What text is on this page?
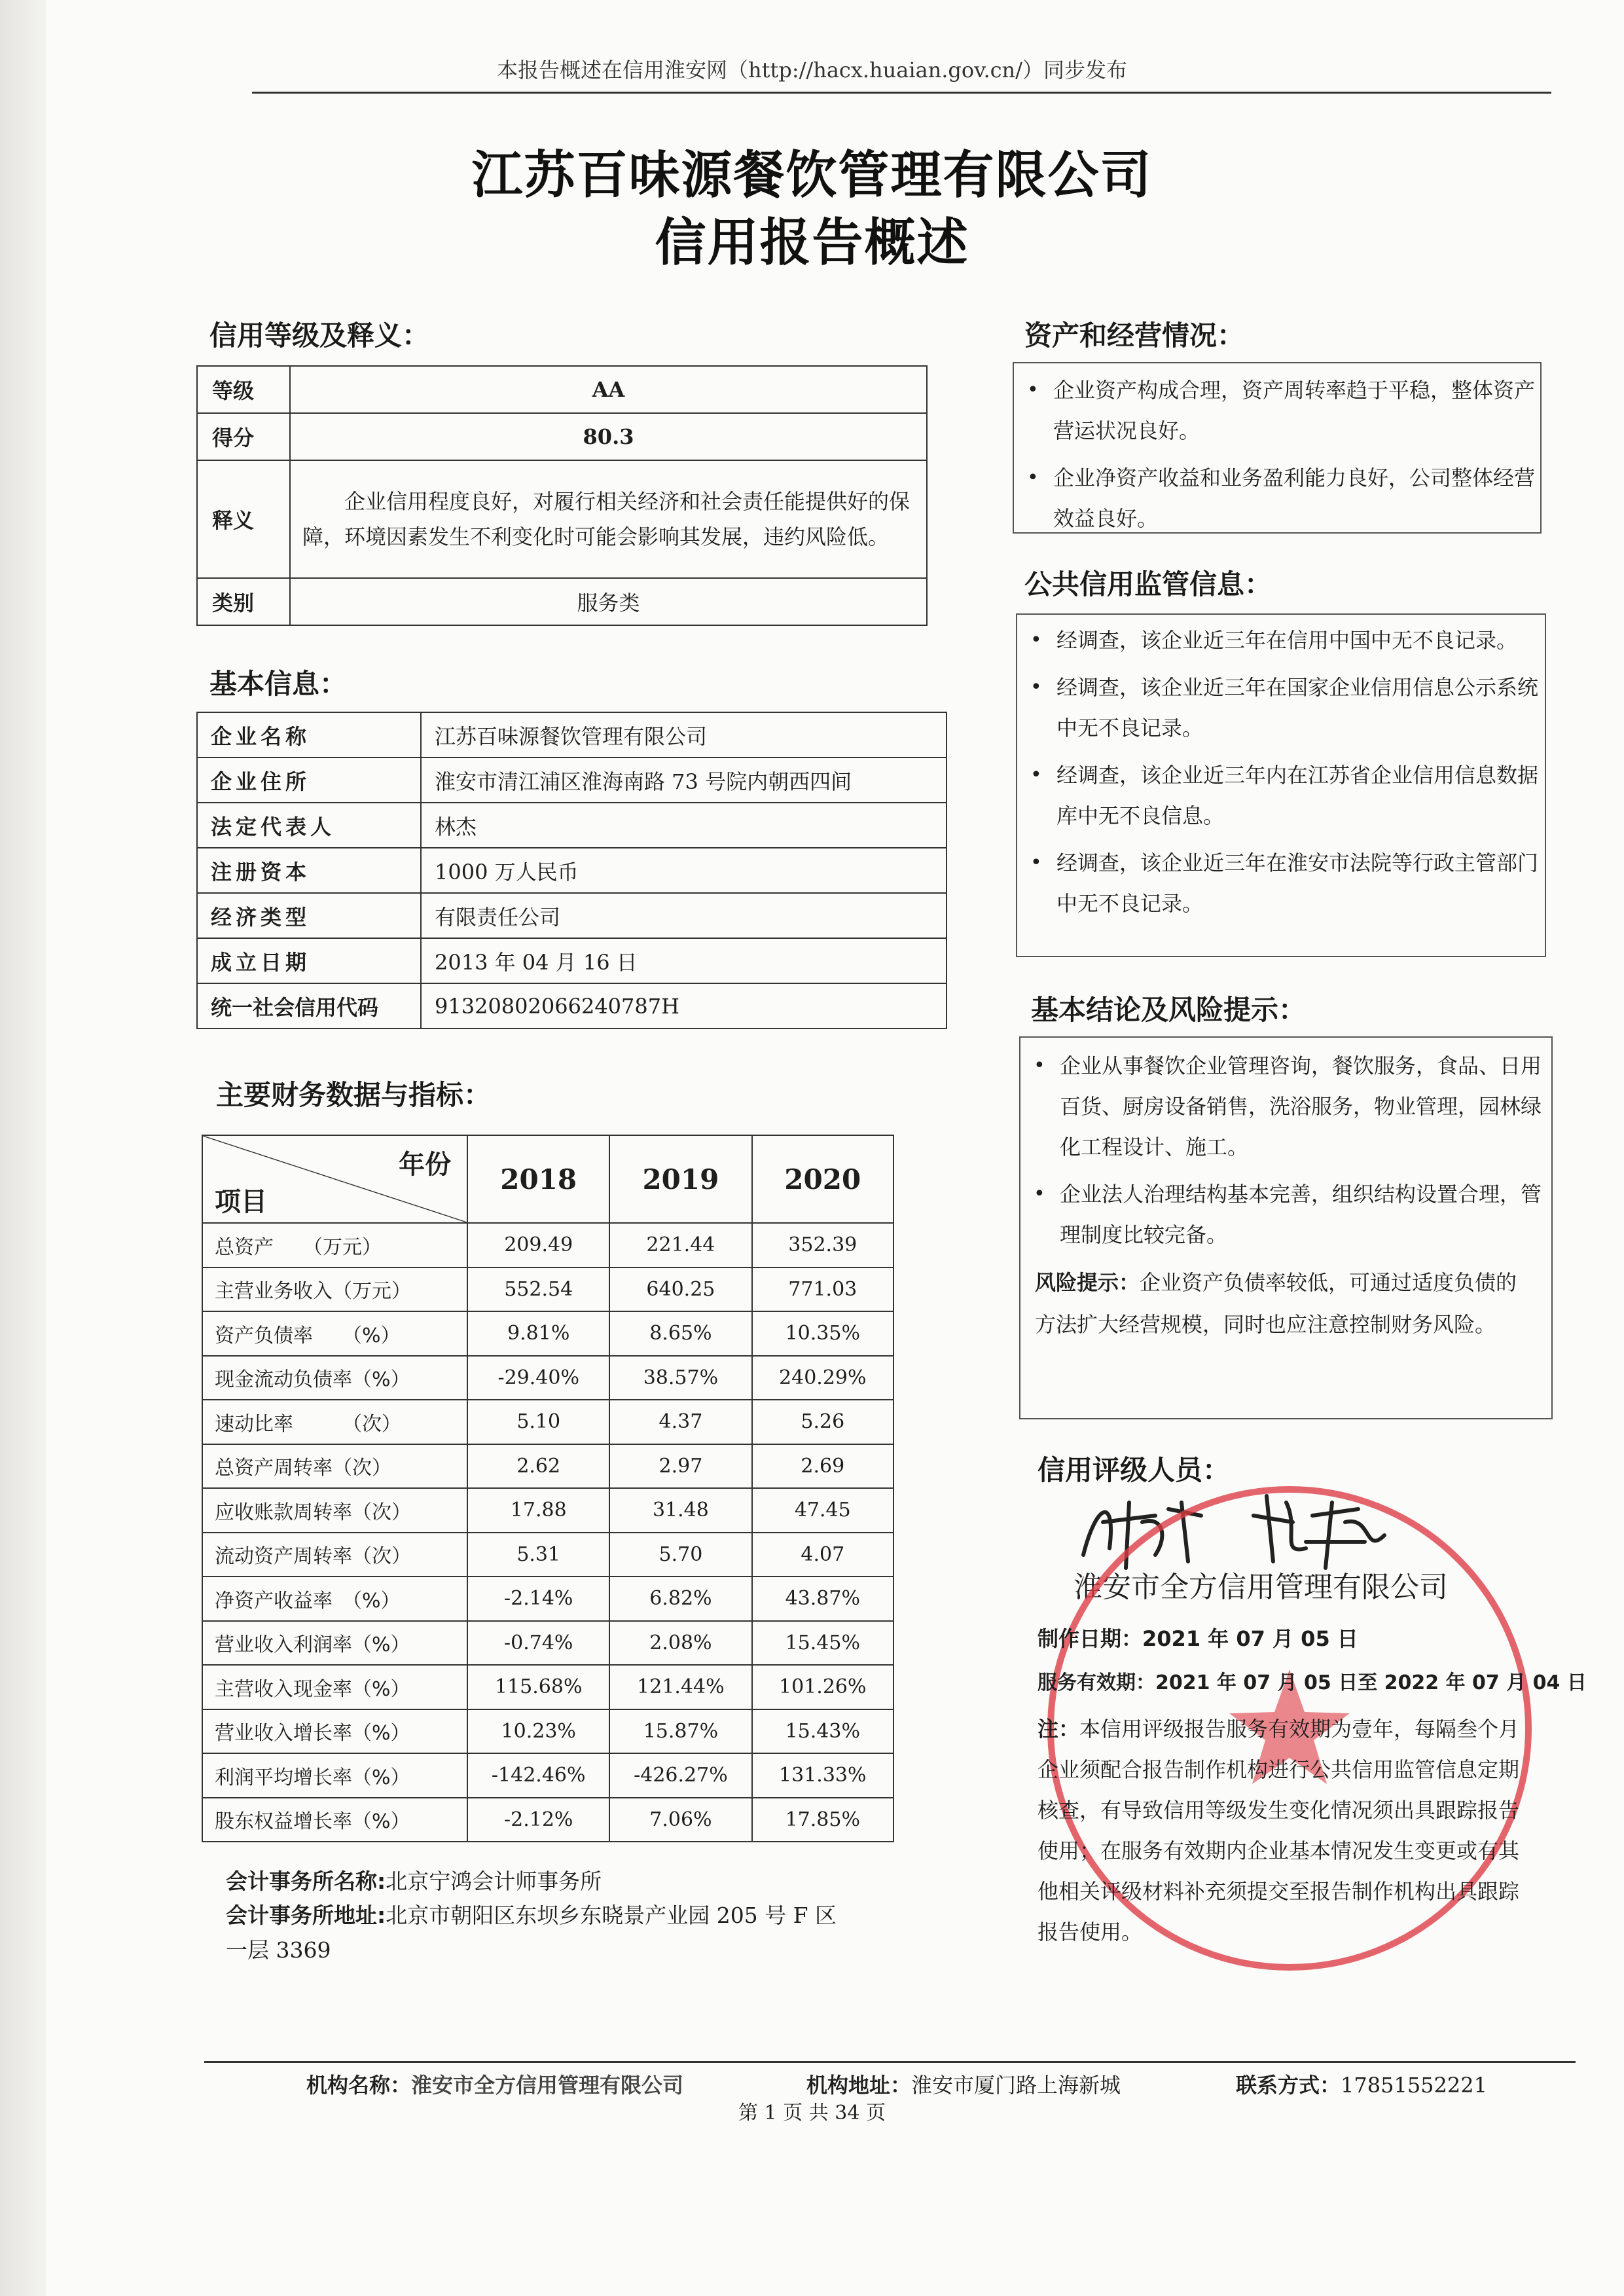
本报告概述在信用淮安网（http://hacx.huaian.gov.cn/）同步发布
江苏百味源餐饮管理有限公司
信用报告概述
信用等级及释义：
等级	AA
得分	80.3
释义	企业信用程度良好，对履行相关经济和社会责任能提供好的保障，环境因素发生不利变化时可能会影响其发展，违约风险低。
类别	服务类
基本信息：
企业名称	江苏百味源餐饮管理有限公司
企业住所	淮安市清江浦区淮海南路 73 号院内朝西四间
法定代表人	林杰
注册资本	1000 万人民币
经济类型	有限责任公司
成立日期	2013 年 04 月 16 日
统一社会信用代码	91320802066240787H
主要财务数据与指标：
年份
项目	2018	2019	2020
总资产　　（万元）	209.49	221.44	352.39
主营业务收入（万元）	552.54	640.25	771.03
资产负债率　　（%）	9.81%	8.65%	10.35%
现金流动负债率（%）	-29.40%	38.57%	240.29%
速动比率　　　（次）	5.10	4.37	5.26
总资产周转率（次）	2.62	2.97	2.69
应收账款周转率（次）	17.88	31.48	47.45
流动资产周转率（次）	5.31	5.70	4.07
净资产收益率　（%）	-2.14%	6.82%	43.87%
营业收入利润率（%）	-0.74%	2.08%	15.45%
主营收入现金率（%）	115.68%	121.44%	101.26%
营业收入增长率（%）	10.23%	15.87%	15.43%
利润平均增长率（%）	-142.46%	-426.27%	131.33%
股东权益增长率（%）	-2.12%	7.06%	17.85%
会计事务所名称:北京宁鸿会计师事务所
会计事务所地址:北京市朝阳区东坝乡东晓景产业园 205 号 F 区
一层 3369
资产和经营情况：
• 企业资产构成合理，资产周转率趋于平稳，整体资产营运状况良好。
• 企业净资产收益和业务盈利能力良好，公司整体经营效益良好。
公共信用监管信息：
• 经调查，该企业近三年在信用中国中无不良记录。
• 经调查，该企业近三年在国家企业信用信息公示系统中无不良记录。
• 经调查，该企业近三年内在江苏省企业信用信息数据库中无不良信息。
• 经调查，该企业近三年在淮安市法院等行政主管部门中无不良记录。
基本结论及风险提示：
• 企业从事餐饮企业管理咨询，餐饮服务，食品、日用百货、厨房设备销售，洗浴服务，物业管理，园林绿化工程设计、施工。
• 企业法人治理结构基本完善，组织结构设置合理，管理制度比较完备。
风险提示：企业资产负债率较低，可通过适度负债的方法扩大经营规模，同时也应注意控制财务风险。
信用评级人员：
淮安市全方信用管理有限公司
制作日期：2021 年 07 月 05 日
服务有效期：2021 年 07 月 05 日至 2022 年 07 月 04 日
注：本信用评级报告服务有效期为壹年，每隔叁个月企业须配合报告制作机构进行公共信用监管信息定期核查，有导致信用等级发生变化情况须出具跟踪报告使用；在服务有效期内企业基本情况发生变更或有其他相关评级材料补充须提交至报告制作机构出具跟踪报告使用。
机构名称：淮安市全方信用管理有限公司	机构地址：淮安市厦门路上海新城	联系方式：17851552221
第 1 页 共 34 页
